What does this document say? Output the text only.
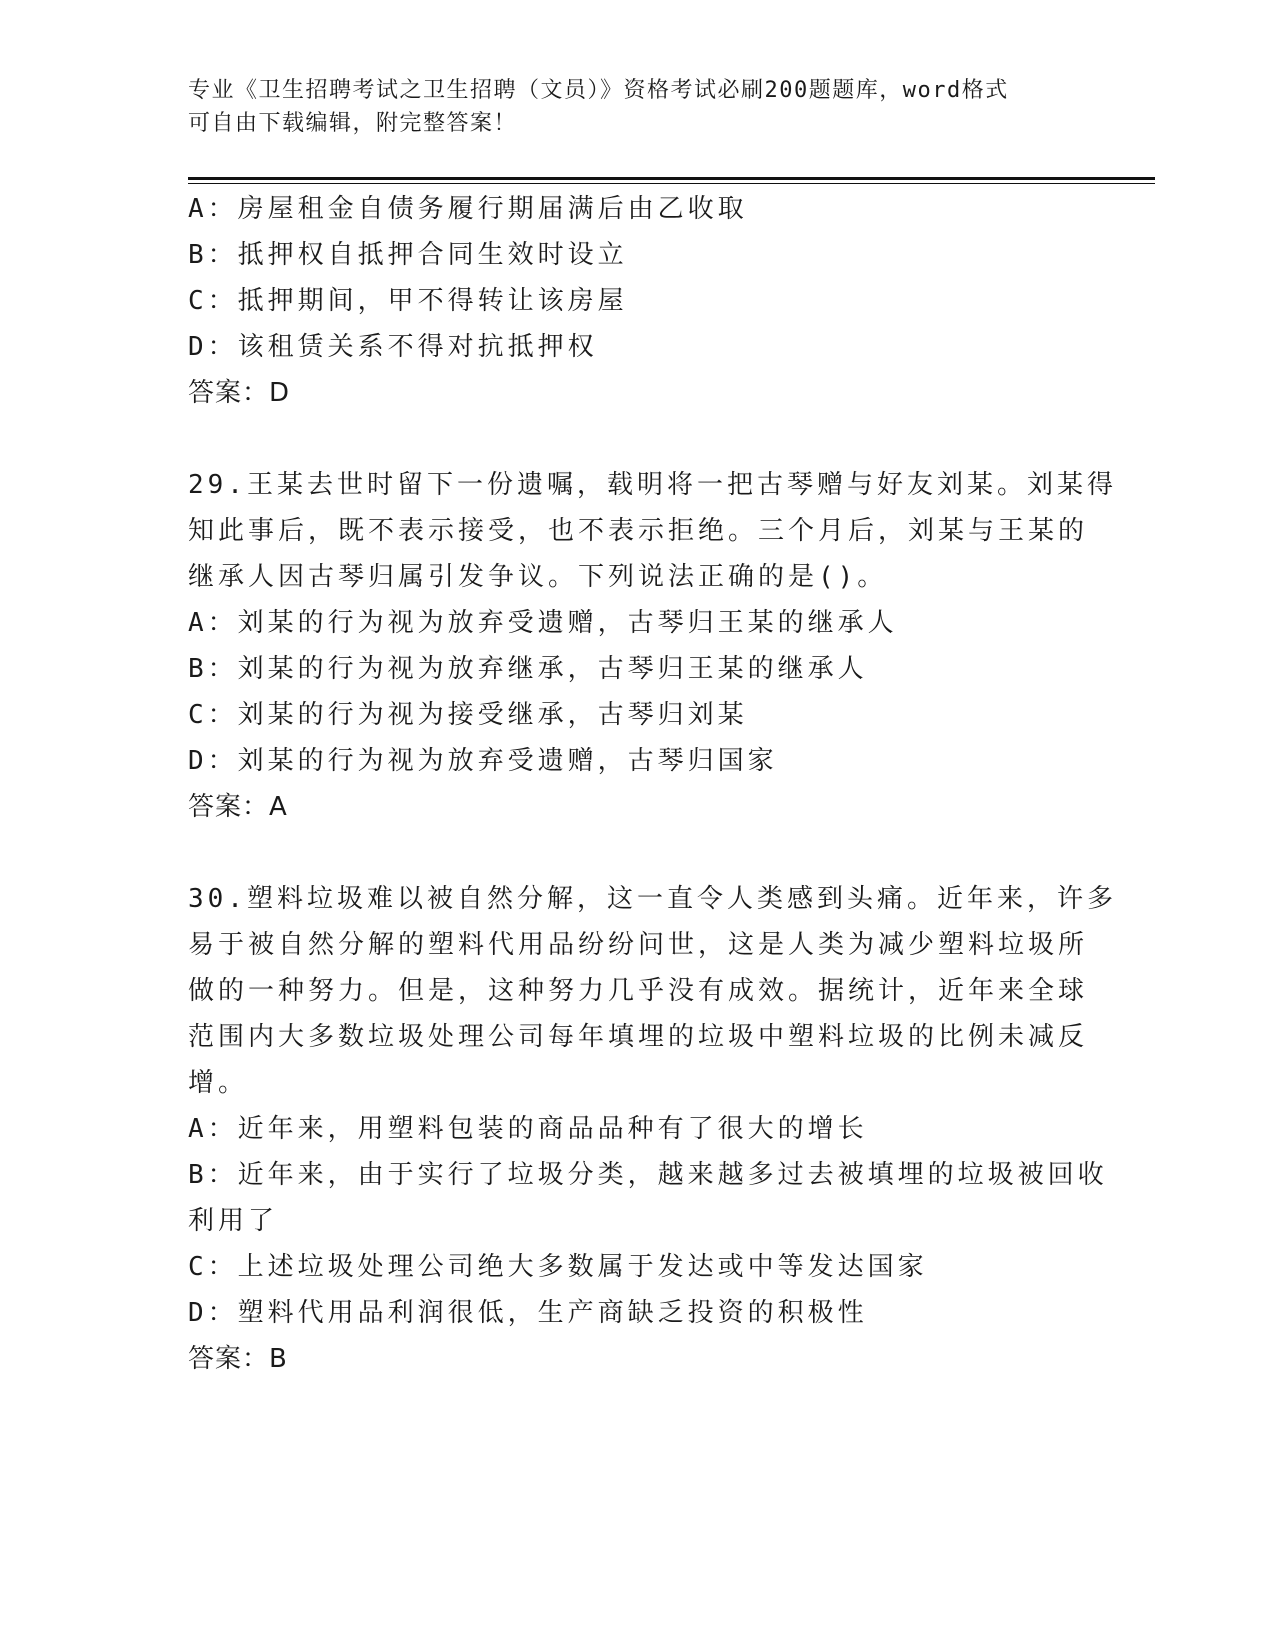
专业《卫生招聘考试之卫生招聘（文员）》资格考试必刷200题题库，word格式
可自由下载编辑，附完整答案！
A：房屋租金自债务履行期届满后由乙收取
B：抵押权自抵押合同生效时设立
C：抵押期间，甲不得转让该房屋
D：该租赁关系不得对抗抵押权
答案：D
29.王某去世时留下一份遗嘱，载明将一把古琴赠与好友刘某。刘某得
知此事后，既不表示接受，也不表示拒绝。三个月后，刘某与王某的
继承人因古琴归属引发争议。下列说法正确的是()。
A：刘某的行为视为放弃受遗赠，古琴归王某的继承人
B：刘某的行为视为放弃继承，古琴归王某的继承人
C：刘某的行为视为接受继承，古琴归刘某
D：刘某的行为视为放弃受遗赠，古琴归国家
答案：A
30.塑料垃圾难以被自然分解，这一直令人类感到头痛。近年来，许多
易于被自然分解的塑料代用品纷纷问世，这是人类为减少塑料垃圾所
做的一种努力。但是，这种努力几乎没有成效。据统计，近年来全球
范围内大多数垃圾处理公司每年填埋的垃圾中塑料垃圾的比例未减反
增。
A：近年来，用塑料包装的商品品种有了很大的增长
B：近年来，由于实行了垃圾分类，越来越多过去被填埋的垃圾被回收
利用了
C：上述垃圾处理公司绝大多数属于发达或中等发达国家
D：塑料代用品利润很低，生产商缺乏投资的积极性
答案：B
